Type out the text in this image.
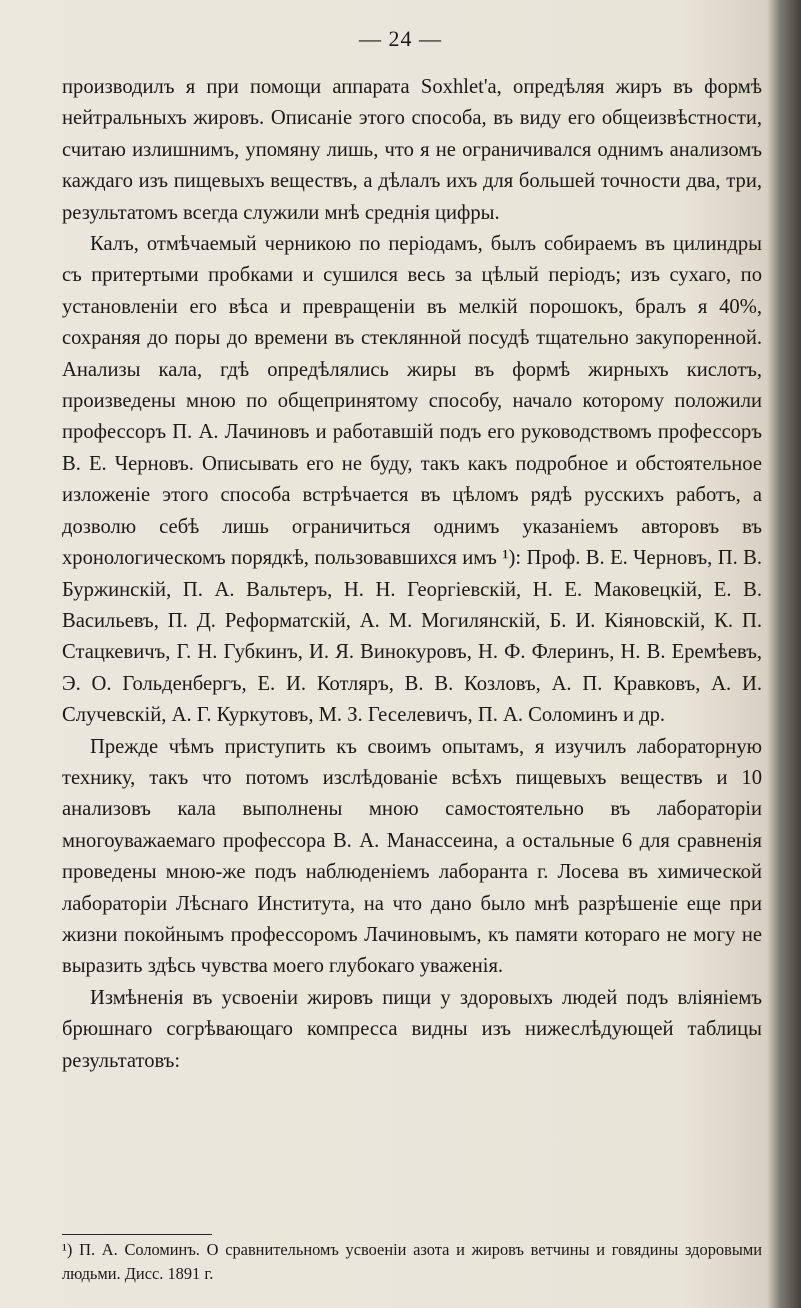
— 24 —

производилъ я при помощи аппарата Soxhlet'а, опредѣляя жиръ въ формѣ нейтральныхъ жировъ. Описаніе этого способа, въ виду его общеизвѣстности, считаю излишнимъ, упомяну лишь, что я не ограничивался однимъ анализомъ каждаго изъ пищевыхъ веществъ, а дѣлалъ ихъ для большей точности два, три, результатомъ всегда служили мнѣ среднія цифры.

Калъ, отмѣчаемый черникою по періодамъ, былъ собираемъ въ цилиндры съ притертыми пробками и сушился весь за цѣлый періодъ; изъ сухаго, по установленіи его вѣса и превращеніи въ мелкій порошокъ, бралъ я 40%, сохраняя до поры до времени въ стеклянной посудѣ тщательно закупоренной. Анализы кала, гдѣ опредѣлялись жиры въ формѣ жирныхъ кислотъ, произведены мною по общепринятому способу, начало которому положили профессоръ П. А. Лачиновъ и работавшій подъ его руководствомъ профессоръ В. Е. Черновъ. Описывать его не буду, такъ какъ подробное и обстоятельное изложеніе этого способа встрѣчается въ цѣломъ рядѣ русскихъ работъ, а дозволю себѣ лишь ограничиться однимъ указаніемъ авторовъ въ хронологическомъ порядкѣ, пользовавшихся имъ ¹): Проф. В. Е. Черновъ, П. В. Буржинскій, П. А. Вальтеръ, Н. Н. Георгіевскій, Н. Е. Маковецкій, Е. В. Васильевъ, П. Д. Реформатскій, А. М. Могилянскій, Б. И. Кіяновскій, К. П. Стацкевичъ, Г. Н. Губкинъ, И. Я. Винокуровъ, Н. Ф. Флеринъ, Н. В. Еремѣевъ, Э. О. Гольденбергъ, Е. И. Котляръ, В. В. Козловъ, А. П. Кравковъ, А. И. Случевскій, А. Г. Куркутовъ, М. З. Геселевичъ, П. А. Соломинъ и др.

Прежде чѣмъ приступить къ своимъ опытамъ, я изучилъ лабораторную технику, такъ что потомъ изслѣдованіе всѣхъ пищевыхъ веществъ и 10 анализовъ кала выполнены мною самостоятельно въ лабораторіи многоуважаемаго профессора В. А. Манассеина, а остальные 6 для сравненія проведены мною-же подъ наблюденіемъ лаборанта г. Лосева въ химической лабораторіи Лѣснаго Института, на что дано было мнѣ разрѣшеніе еще при жизни покойнымъ профессоромъ Лачиновымъ, къ памяти котораго не могу не выразить здѣсь чувства моего глубокаго уваженія.

Измѣненія въ усвоеніи жировъ пищи у здоровыхъ людей подъ вліяніемъ брюшнаго согрѣвающаго компресса видны изъ нижеслѣдующей таблицы результатовъ:

¹) П. А. Соломинъ. О сравнительномъ усвоеніи азота и жировъ ветчины и говядины здоровыми людьми. Дисс. 1891 г.
